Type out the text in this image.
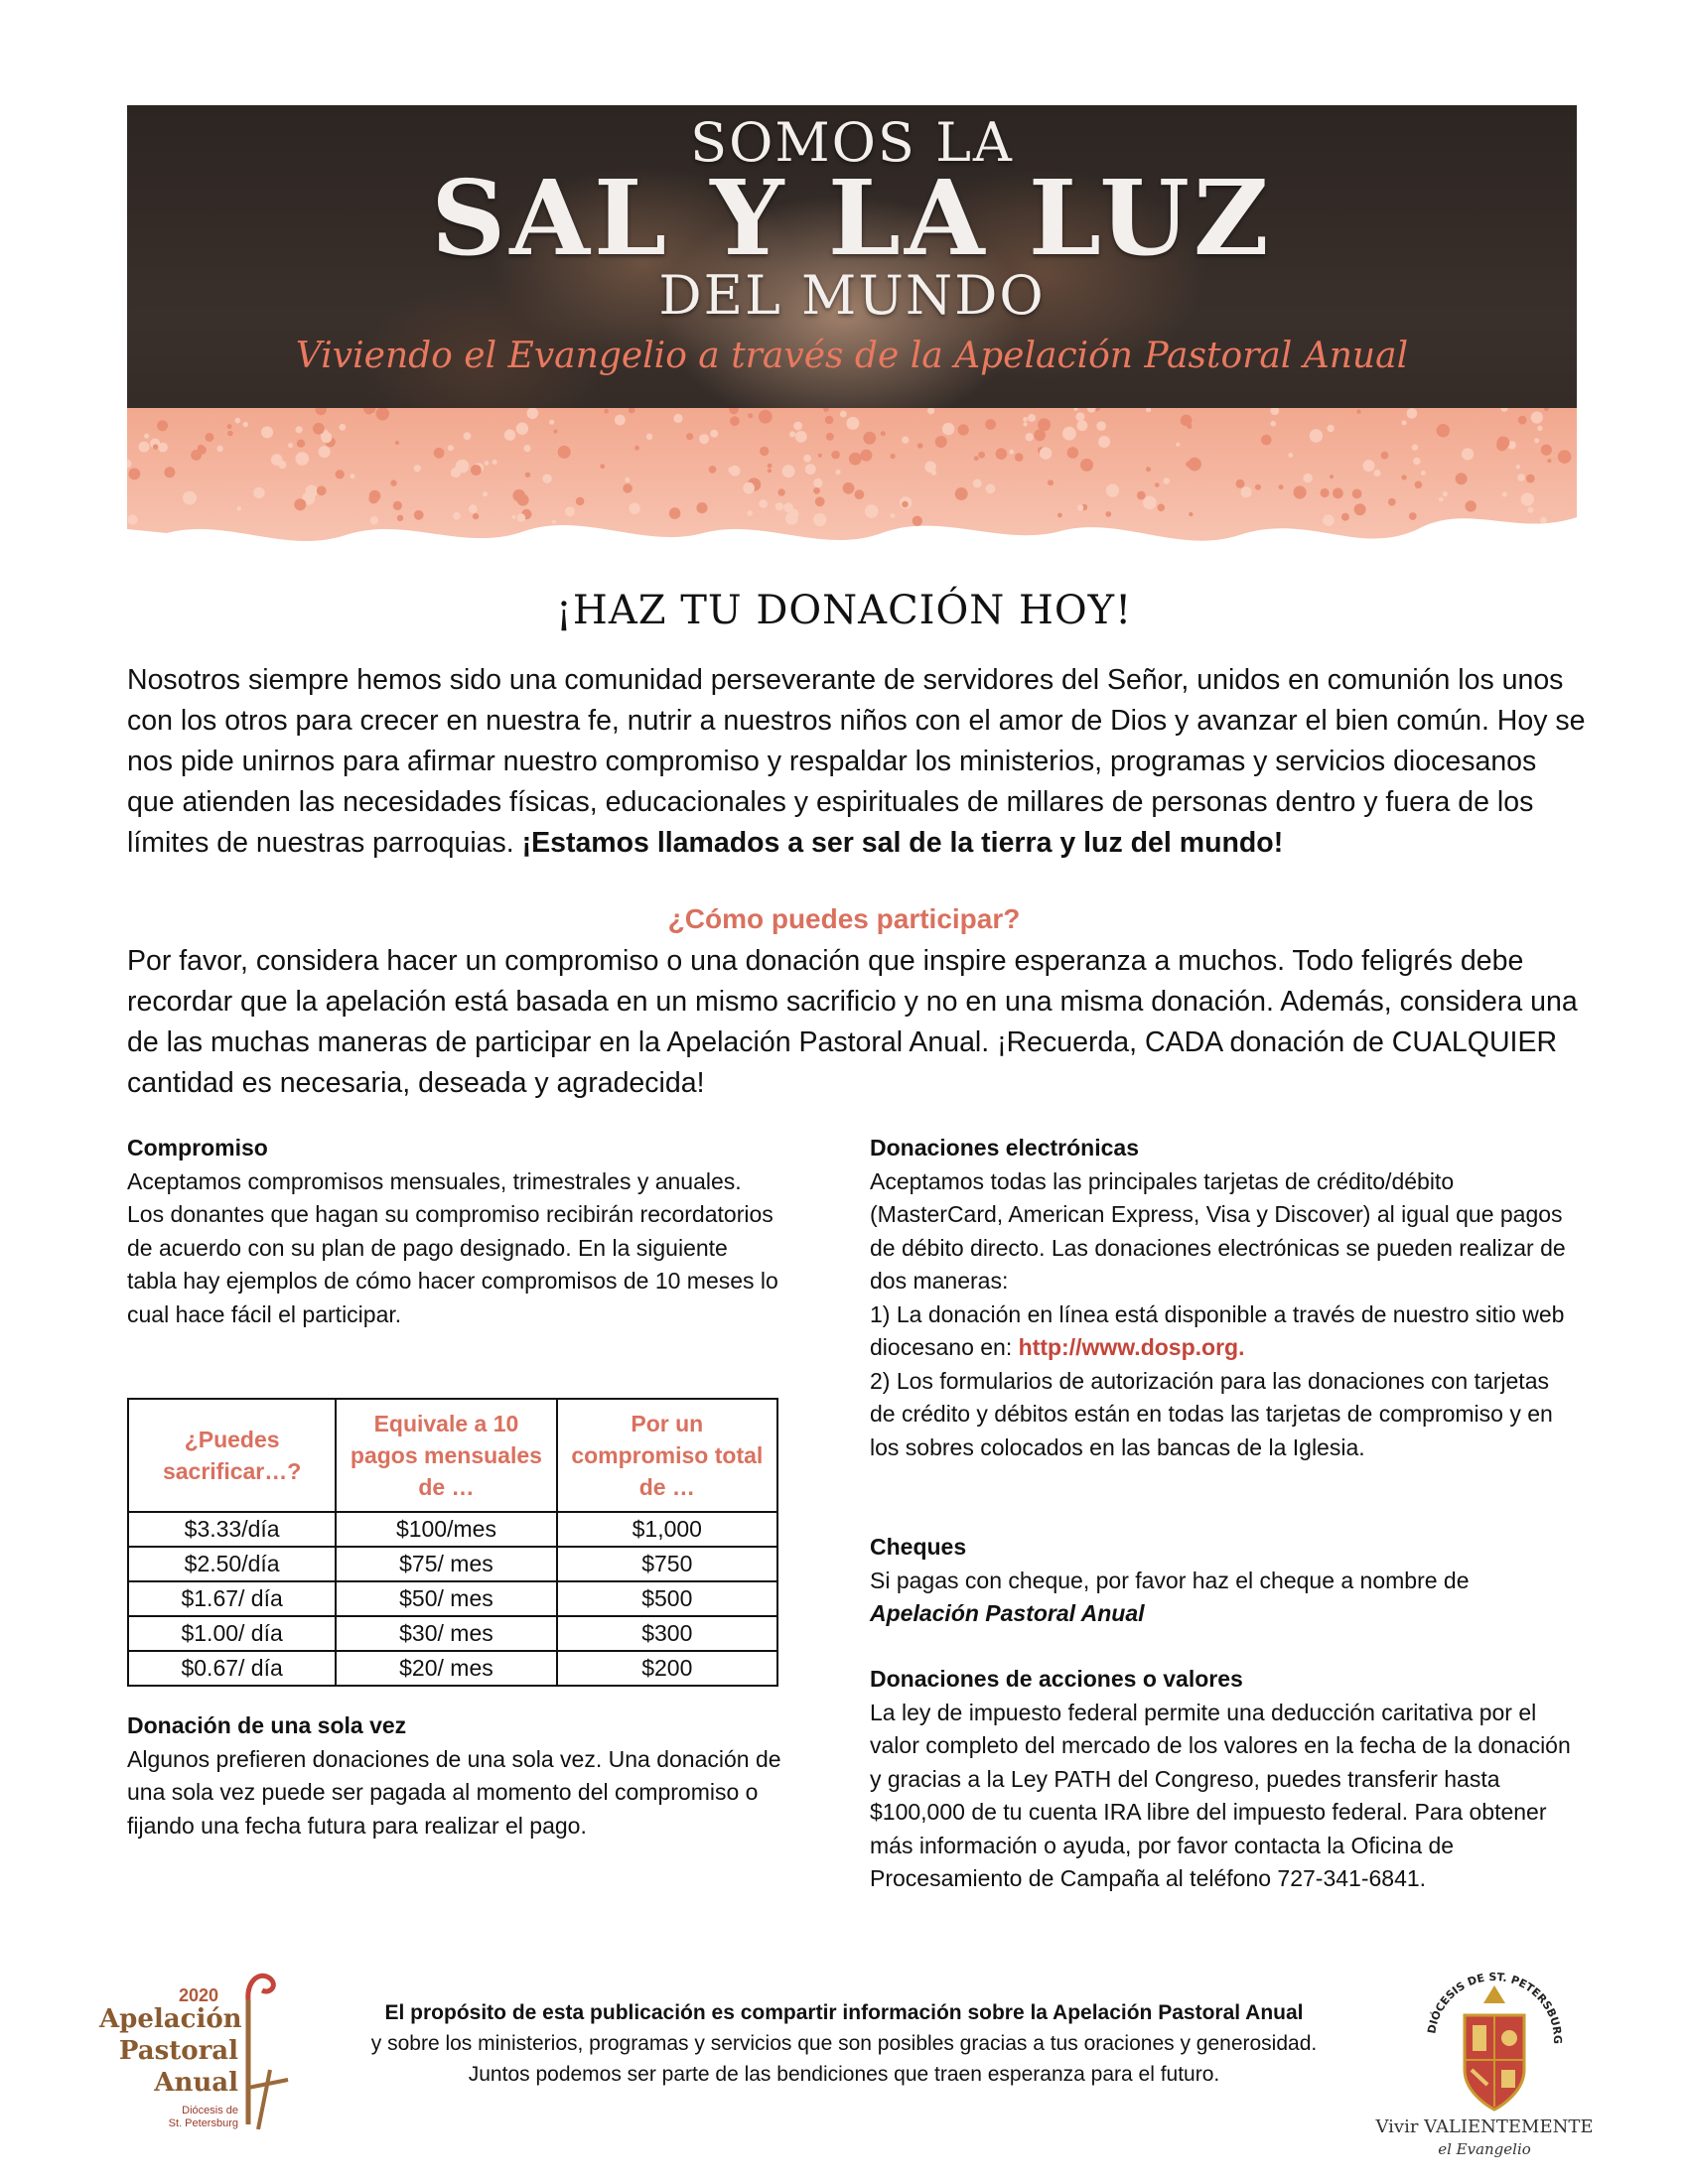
SOMOS LA
SAL Y LA LUZ
DEL MUNDO
Viviendo el Evangelio a través de la Apelación Pastoral Anual
¡HAZ TU DONACIÓN HOY!
Nosotros siempre hemos sido una comunidad perseverante de servidores del Señor, unidos en comunión los unos con los otros para crecer en nuestra fe, nutrir a nuestros niños con el amor de Dios y avanzar el bien común. Hoy se nos pide unirnos para afirmar nuestro compromiso y respaldar los ministerios, programas y servicios diocesanos que atienden las necesidades físicas, educacionales y espirituales de millares de personas dentro y fuera de los límites de nuestras parroquias. ¡Estamos llamados a ser sal de la tierra y luz del mundo!
¿Cómo puedes participar?
Por favor, considera hacer un compromiso o una donación que inspire esperanza a muchos. Todo feligrés debe recordar que la apelación está basada en un mismo sacrificio y no en una misma donación. Además, considera una de las muchas maneras de participar en la Apelación Pastoral Anual. ¡Recuerda, CADA donación de CUALQUIER cantidad es necesaria, deseada y agradecida!
Compromiso

Aceptamos compromisos mensuales, trimestrales y anuales. Los donantes que hagan su compromiso recibirán recordatorios de acuerdo con su plan de pago designado. En la siguiente tabla hay ejemplos de cómo hacer compromisos de 10 meses lo cual hace fácil el participar.

¿Puedes sacrificar…?	Equivale a 10 pagos mensuales de …	Por un compromiso total de …
$3.33/día	$100/mes	$1,000
$2.50/día	$75/ mes	$750
$1.67/ día	$50/ mes	$500
$1.00/ día	$30/ mes	$300
$0.67/ día	$20/ mes	$200
Donación de una sola vez

Algunos prefieren donaciones de una sola vez. Una donación de una sola vez puede ser pagada al momento del compromiso o fijando una fecha futura para realizar el pago.

Donaciones electrónicas

Aceptamos todas las principales tarjetas de crédito/débito (MasterCard, American Express, Visa y Discover) al igual que pagos de débito directo. Las donaciones electrónicas se pueden realizar de dos maneras:

1) La donación en línea está disponible a través de nuestro sitio web diocesano en: http://www.dosp.org.

2) Los formularios de autorización para las donaciones con tarjetas de crédito y débitos están en todas las tarjetas de compromiso y en los sobres colocados en las bancas de la Iglesia.

Cheques

Si pagas con cheque, por favor haz el cheque a nombre de

Apelación Pastoral Anual

Donaciones de acciones o valores

La ley de impuesto federal permite una deducción caritativa por el valor completo del mercado de los valores en la fecha de la donación y gracias a la Ley PATH del Congreso, puedes transferir hasta $100,000 de tu cuenta IRA libre del impuesto federal. Para obtener más información o ayuda, por favor contacta la Oficina de Procesamiento de Campaña al teléfono 727-341-6841.

2020
Apelación
Pastoral
Anual
Diócesis de
St. Petersburg
El propósito de esta publicación es compartir información sobre la Apelación Pastoral Anual
y sobre los ministerios, programas y servicios que son posibles gracias a tus oraciones y generosidad.
Juntos podemos ser parte de las bendiciones que traen esperanza para el futuro.
DIÓCESIS DE ST. PETERSBURG
Vivir VALIENTEMENTE
el Evangelio
